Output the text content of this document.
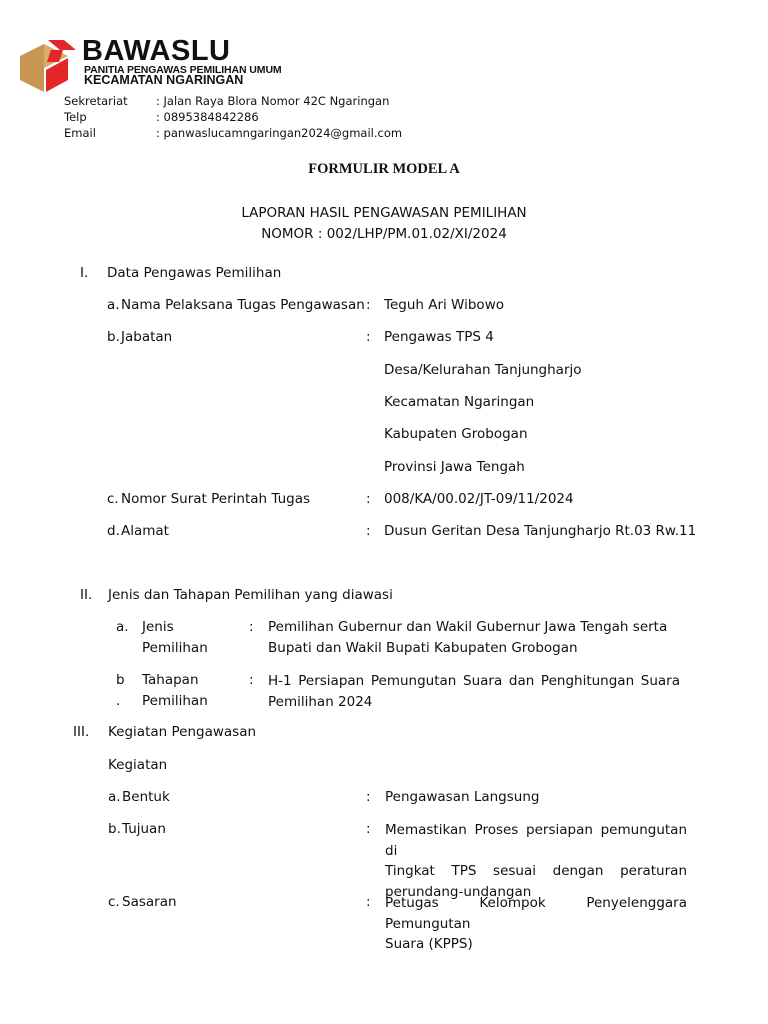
BAWASLU
PANITIA PENGAWAS PEMILIHAN UMUM
KECAMATAN NGARINGAN
Sekretariat : Jalan Raya Blora Nomor 42C Ngaringan
Telp	: 0895384842286
Email	: panwaslucamngaringan2024@gmail.com
FORMULIR MODEL A
LAPORAN HASIL PENGAWASAN PEMILIHAN
NOMOR : 002/LHP/PM.01.02/XI/2024
I. Data Pengawas Pemilihan
a. Nama Pelaksana Tugas Pengawasan : Teguh Ari Wibowo
b. Jabatan	: Pengawas TPS 4
Desa/Kelurahan Tanjungharjo
Kecamatan Ngaringan
Kabupaten Grobogan
Provinsi Jawa Tengah
c. Nomor Surat Perintah Tugas	: 008/KA/00.02/JT-09/11/2024
d. Alamat	: Dusun Geritan Desa Tanjungharjo Rt.03 Rw.11
II. Jenis dan Tahapan Pemilihan yang diawasi
a. Jenis
Pemilihan
: Pemilihan Gubernur dan Wakil Gubernur Jawa Tengah serta
Bupati dan Wakil Bupati Kabupaten Grobogan
b
.
Tahapan
Pemilihan
: H-1 Persiapan Pemungutan Suara dan Penghitungan Suara
Pemilihan 2024
III. Kegiatan Pengawasan
Kegiatan
a. Bentuk	: Pengawasan Langsung
b. Tujuan	: Memastikan Proses persiapan pemungutan di
Tingkat TPS sesuai dengan peraturan
perundang-undangan
c. Sasaran	: Petugas Kelompok Penyelenggara Pemungutan
Suara (KPPS)
